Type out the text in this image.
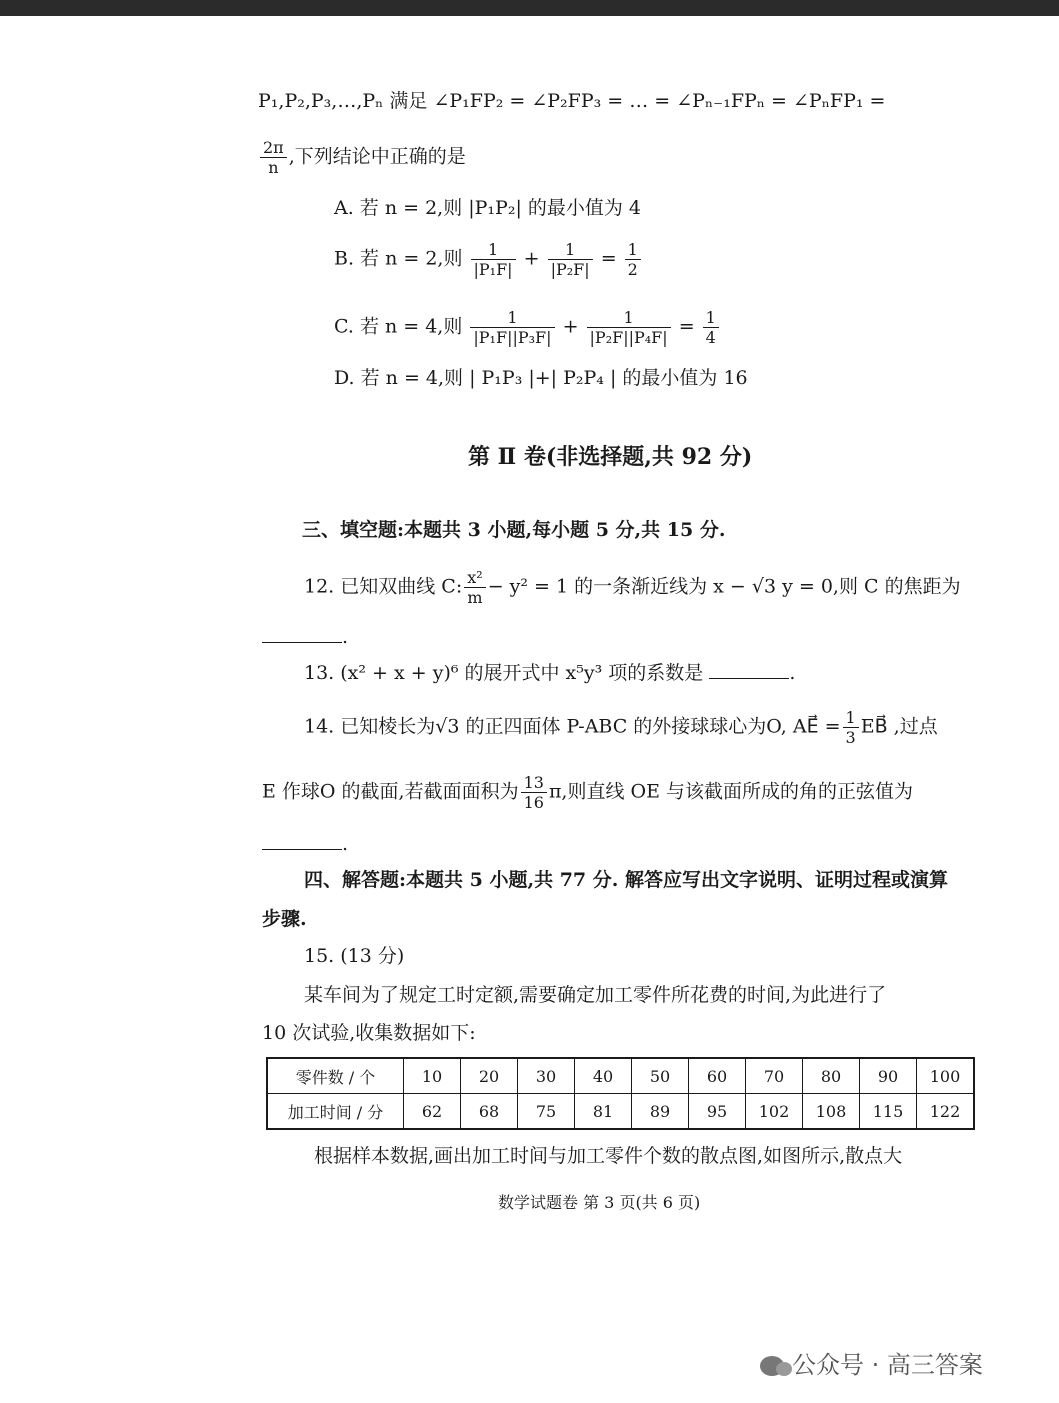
P₁,P₂,P₃,…,Pₙ 满足 ∠P₁FP₂ = ∠P₂FP₃ = … = ∠Pₙ₋₁FPₙ = ∠PₙFP₁ =
$\frac{2\pi}{n}$ ,下列结论中正确的是
A. 若 n = 2,则 |P₁P₂| 的最小值为 4
B. 若 n = 2,则 $\frac{1}{\text{|P₁F|}} + \frac{1}{\text{|P₂F|}} = \frac{1}{2}$
C. 若 n = 4,则 $\frac{1}{\text{|P₁F||P₃F|}} + \frac{1}{\text{|P₂F||P₄F|}} = \frac{1}{4}$
D. 若 n = 4,则 | P₁P₃ |+| P₂P₄ | 的最小值为 16
第 Ⅱ 卷(非选择题,共 92 分)
三、填空题:本题共 3 小题,每小题 5 分,共 15 分.
12. 已知双曲线 C: $\frac{\text{x²}}{m} - y^2 = 1$ 的一条渐近线为 x − √3 y = 0,则 C 的焦距为
.
13. (x² + x + y)⁶ 的展开式中 x⁵y³ 项的系数是	.
14. 已知棱长为√3 的正四面体 P-ABC 的外接球球心为O, AE⃗ = $\frac{1}{3}$ EB⃗ ,过点
E 作球O 的截面,若截面面积为 $\frac{13}{16} \pi$,则直线 OE 与该截面所成的角的正弦值为
.
四、解答题:本题共 5 小题,共 77 分. 解答应写出文字说明、证明过程或演算
步骤.
15. (13 分)
某车间为了规定工时定额,需要确定加工零件所花费的时间,为此进行了
10 次试验,收集数据如下:
零件数 / 个	10	20	30	40	50	60	70	80	90	100
加工时间 / 分	62	68	75	81	89	95	102	108	115	122
根据样本数据,画出加工时间与加工零件个数的散点图,如图所示,散点大
数学试题卷 第 3 页(共 6 页)
公众号 · 高三答案
